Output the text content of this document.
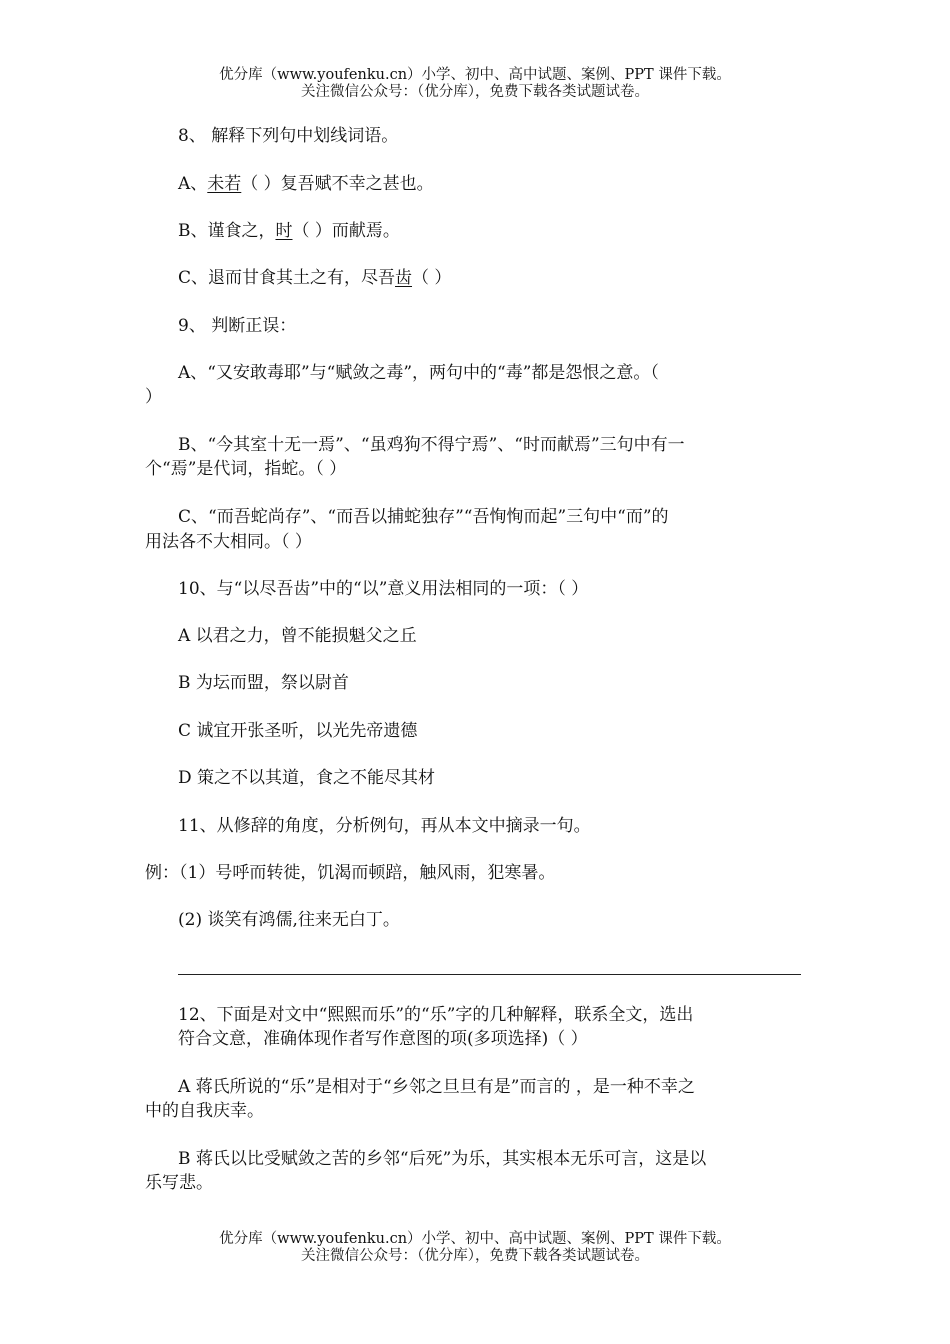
优分库（www.youfenku.cn）小学、初中、高中试题、案例、PPT 课件下载。
关注微信公众号：（优分库），免费下载各类试题试卷。
8、 解释下列句中划线词语。
A、未若（ ）复吾赋不幸之甚也。
B、谨食之，时（ ）而献焉。
C、退而甘食其土之有，尽吾齿（ ）
9、 判断正误：
A、“又安敢毒耶”与“赋敛之毒”，两句中的“毒”都是怨恨之意。（
）
B、“今其室十无一焉”、“虽鸡狗不得宁焉”、“时而献焉”三句中有一
个“焉”是代词，指蛇。（ ）
C、“而吾蛇尚存”、“而吾以捕蛇独存”“吾恂恂而起”三句中“而”的
用法各不大相同。（ ）
10、与“以尽吾齿”中的“以”意义用法相同的一项：（ ）
A 以君之力，曾不能损魁父之丘
B 为坛而盟，祭以尉首
C 诚宜开张圣听，以光先帝遗德
D 策之不以其道，食之不能尽其材
11、从修辞的角度，分析例句，再从本文中摘录一句。
例：（1）号呼而转徙，饥渴而顿踣，触风雨，犯寒暑。
(2) 谈笑有鸿儒,往来无白丁。
12、下面是对文中“熙熙而乐”的“乐”字的几种解释，联系全文，选出
符合文意，准确体现作者写作意图的项(多项选择)（ ）
A 蒋氏所说的“乐”是相对于“乡邻之旦旦有是”而言的 ，是一种不幸之
中的自我庆幸。
B 蒋氏以比受赋敛之苦的乡邻“后死”为乐，其实根本无乐可言，这是以
乐写悲。
优分库（www.youfenku.cn）小学、初中、高中试题、案例、PPT 课件下载。
关注微信公众号：（优分库），免费下载各类试题试卷。
